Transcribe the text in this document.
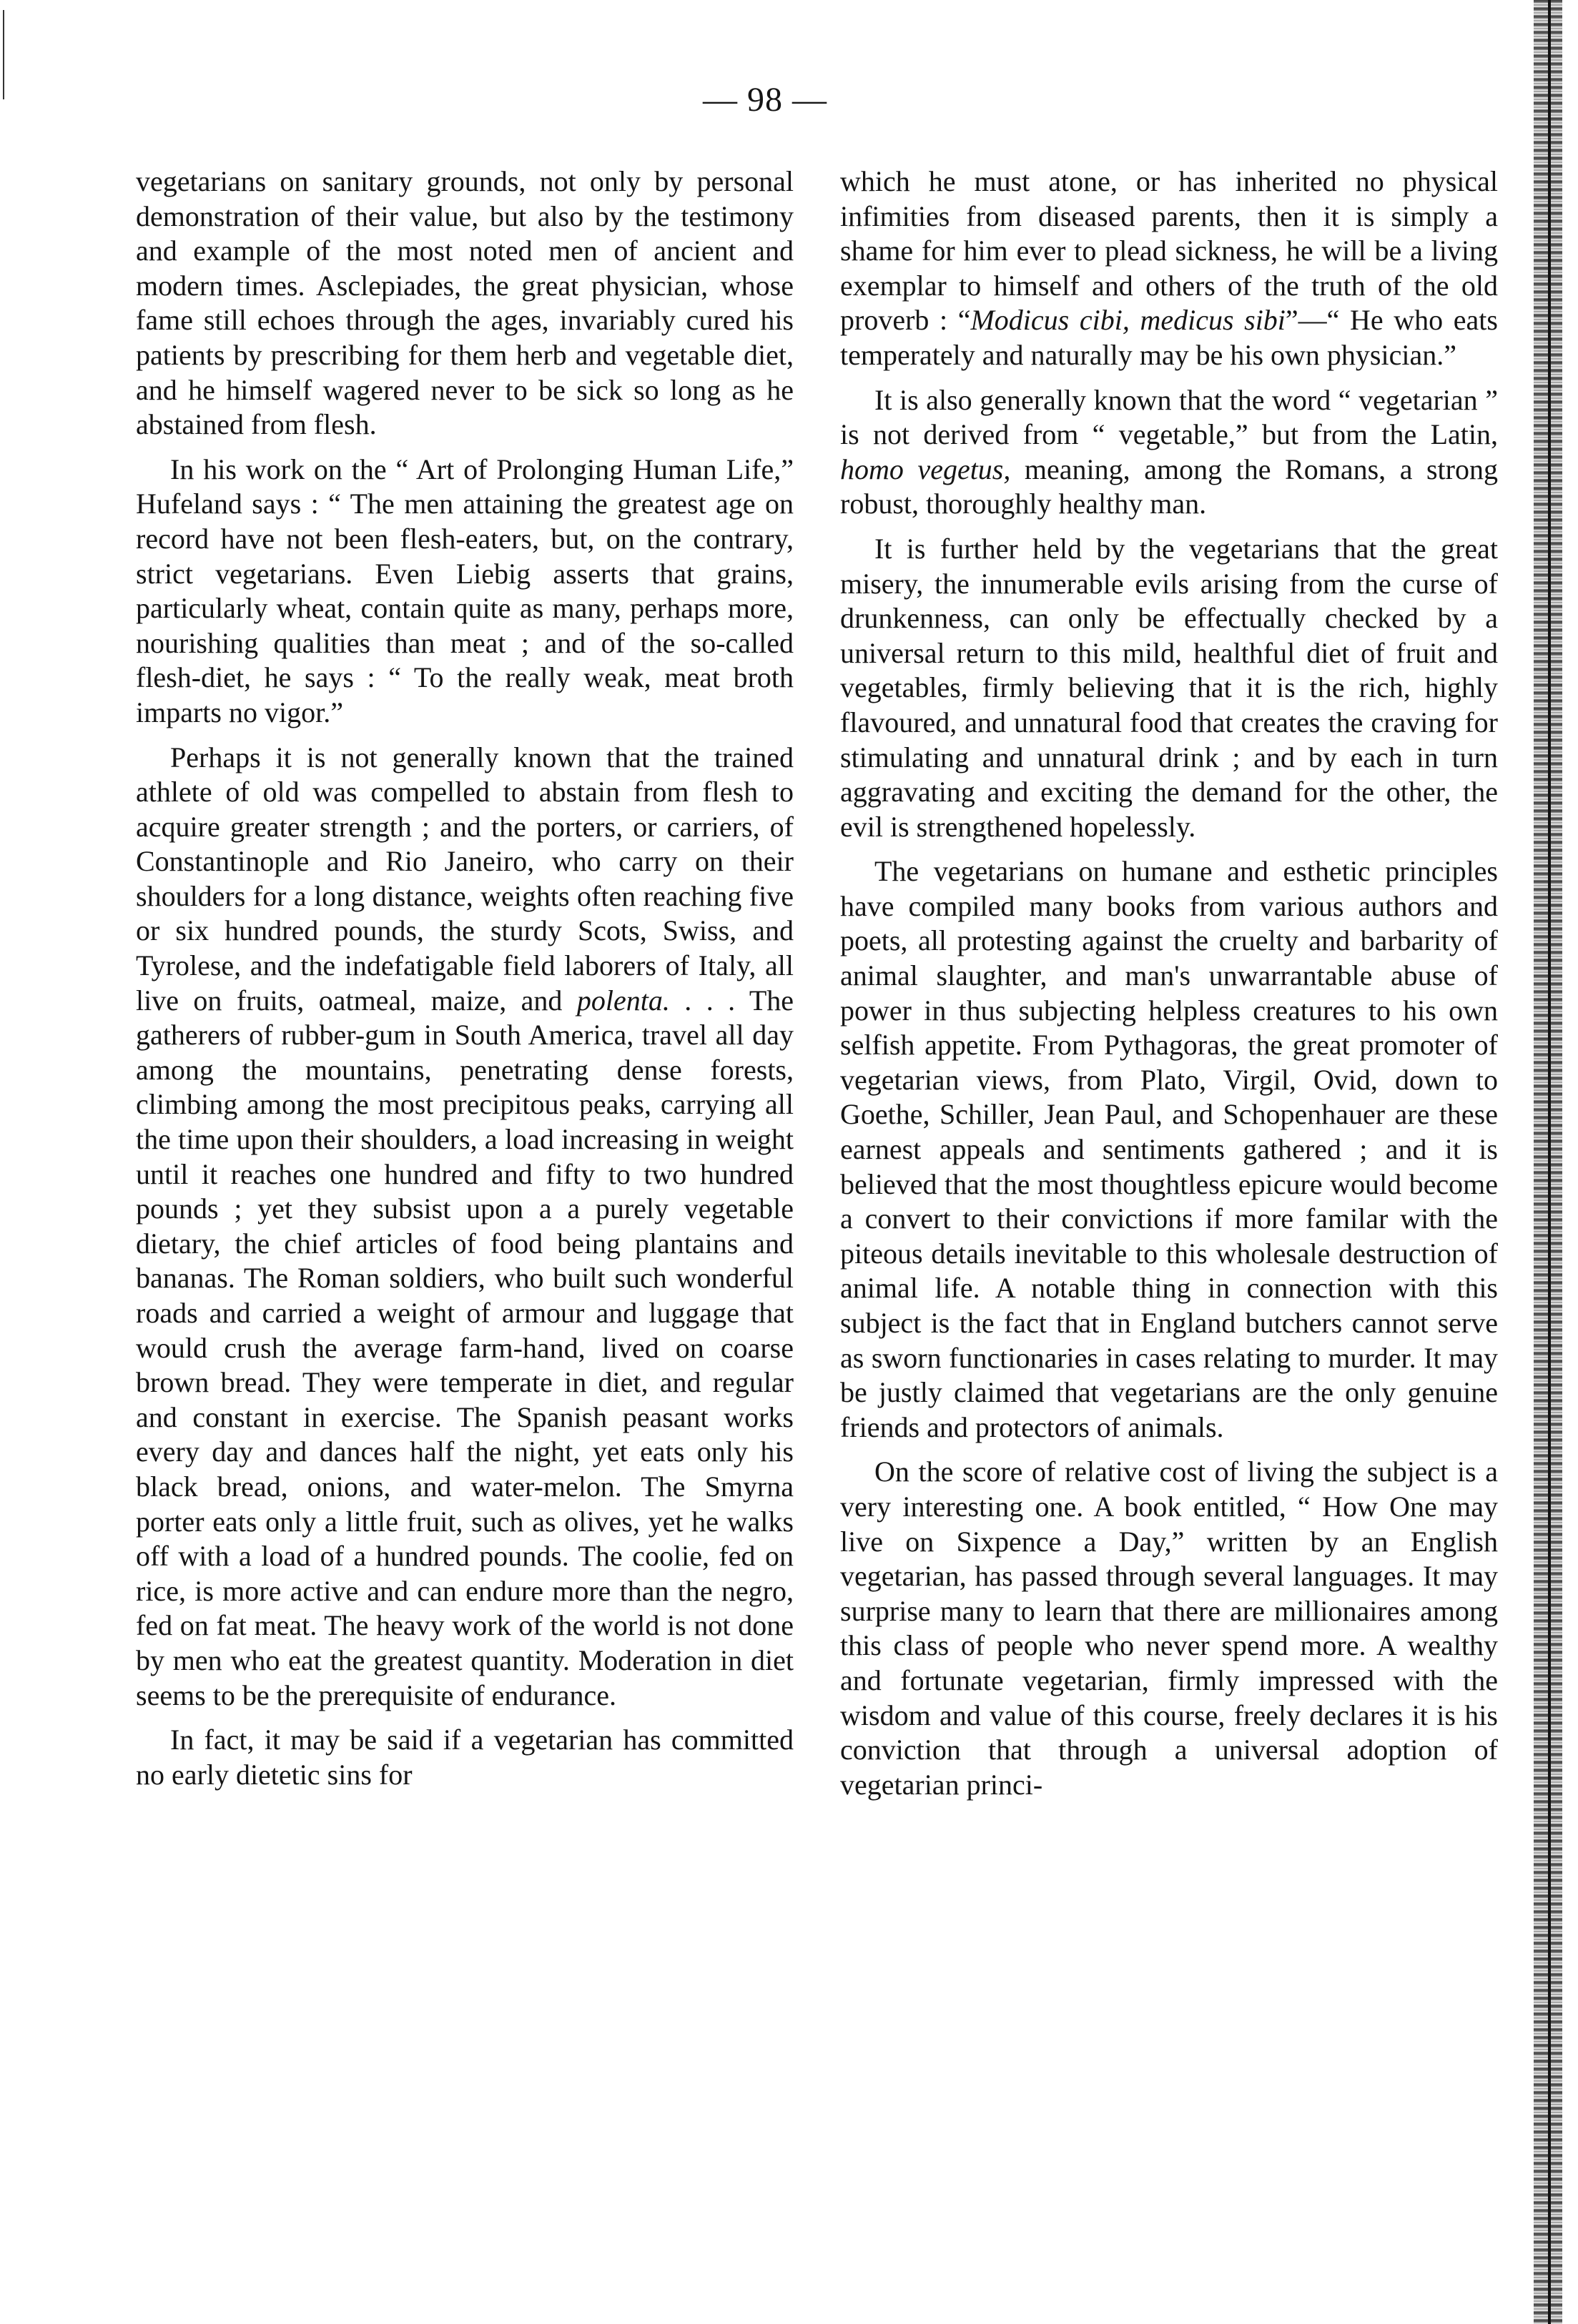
— 98 —

vegetarians on sanitary grounds, not only by personal demonstration of their value, but also by the testimony and example of the most noted men of ancient and modern times. Asclepiades, the great physician, whose fame still echoes through the ages, invariably cured his patients by prescribing for them herb and vegetable diet, and he himself wagered never to be sick so long as he abstained from flesh.

In his work on the “ Art of Prolonging Human Life,” Hufeland says : “ The men attaining the greatest age on record have not been flesh-eaters, but, on the contrary, strict vegetarians. Even Liebig asserts that grains, particularly wheat, contain quite as many, perhaps more, nourishing qualities than meat ; and of the so-called flesh-diet, he says : “ To the really weak, meat broth imparts no vigor.”

Perhaps it is not generally known that the trained athlete of old was compelled to abstain from flesh to acquire greater strength ; and the porters, or carriers, of Constantinople and Rio Janeiro, who carry on their shoulders for a long distance, weights often reaching five or six hundred pounds, the sturdy Scots, Swiss, and Tyrolese, and the indefatigable field laborers of Italy, all live on fruits, oatmeal, maize, and polenta. . . . The gatherers of rubber-gum in South America, travel all day among the mountains, penetrating dense forests, climbing among the most precipitous peaks, carrying all the time upon their shoulders, a load increasing in weight until it reaches one hundred and fifty to two hundred pounds ; yet they subsist upon a a purely vegetable dietary, the chief articles of food being plantains and bananas. The Roman soldiers, who built such wonderful roads and carried a weight of armour and luggage that would crush the average farm-hand, lived on coarse brown bread. They were temperate in diet, and regular and constant in exercise. The Spanish peasant works every day and dances half the night, yet eats only his black bread, onions, and water-melon. The Smyrna porter eats only a little fruit, such as olives, yet he walks off with a load of a hundred pounds. The coolie, fed on rice, is more active and can endure more than the negro, fed on fat meat. The heavy work of the world is not done by men who eat the greatest quantity. Moderation in diet seems to be the prerequisite of endurance.

In fact, it may be said if a vegetarian has committed no early dietetic sins for

which he must atone, or has inherited no physical infimities from diseased parents, then it is simply a shame for him ever to plead sickness, he will be a living exemplar to himself and others of the truth of the old proverb : “Modicus cibi, medicus sibi”—“ He who eats temperately and naturally may be his own physician.”

It is also generally known that the word “ vegetarian ” is not derived from “ vegetable,” but from the Latin, homo vegetus, meaning, among the Romans, a strong robust, thoroughly healthy man.

It is further held by the vegetarians that the great misery, the innumerable evils arising from the curse of drunkenness, can only be effectually checked by a universal return to this mild, healthful diet of fruit and vegetables, firmly believing that it is the rich, highly flavoured, and unnatural food that creates the craving for stimulating and unnatural drink ; and by each in turn aggravating and exciting the demand for the other, the evil is strengthened hopelessly.

The vegetarians on humane and esthetic principles have compiled many books from various authors and poets, all protesting against the cruelty and barbarity of animal slaughter, and man's unwarrantable abuse of power in thus subjecting helpless creatures to his own selfish appetite. From Pythagoras, the great promoter of vegetarian views, from Plato, Virgil, Ovid, down to Goethe, Schiller, Jean Paul, and Schopenhauer are these earnest appeals and sentiments gathered ; and it is believed that the most thoughtless epicure would become a convert to their convictions if more familar with the piteous details inevitable to this wholesale destruction of animal life. A notable thing in connection with this subject is the fact that in England butchers cannot serve as sworn functionaries in cases relating to murder. It may be justly claimed that vegetarians are the only genuine friends and protectors of animals.

On the score of relative cost of living the subject is a very interesting one. A book entitled, “ How One may live on Sixpence a Day,” written by an English vegetarian, has passed through several languages. It may surprise many to learn that there are millionaires among this class of people who never spend more. A wealthy and fortunate vegetarian, firmly impressed with the wisdom and value of this course, freely declares it is his conviction that through a universal adoption of vegetarian princi-
